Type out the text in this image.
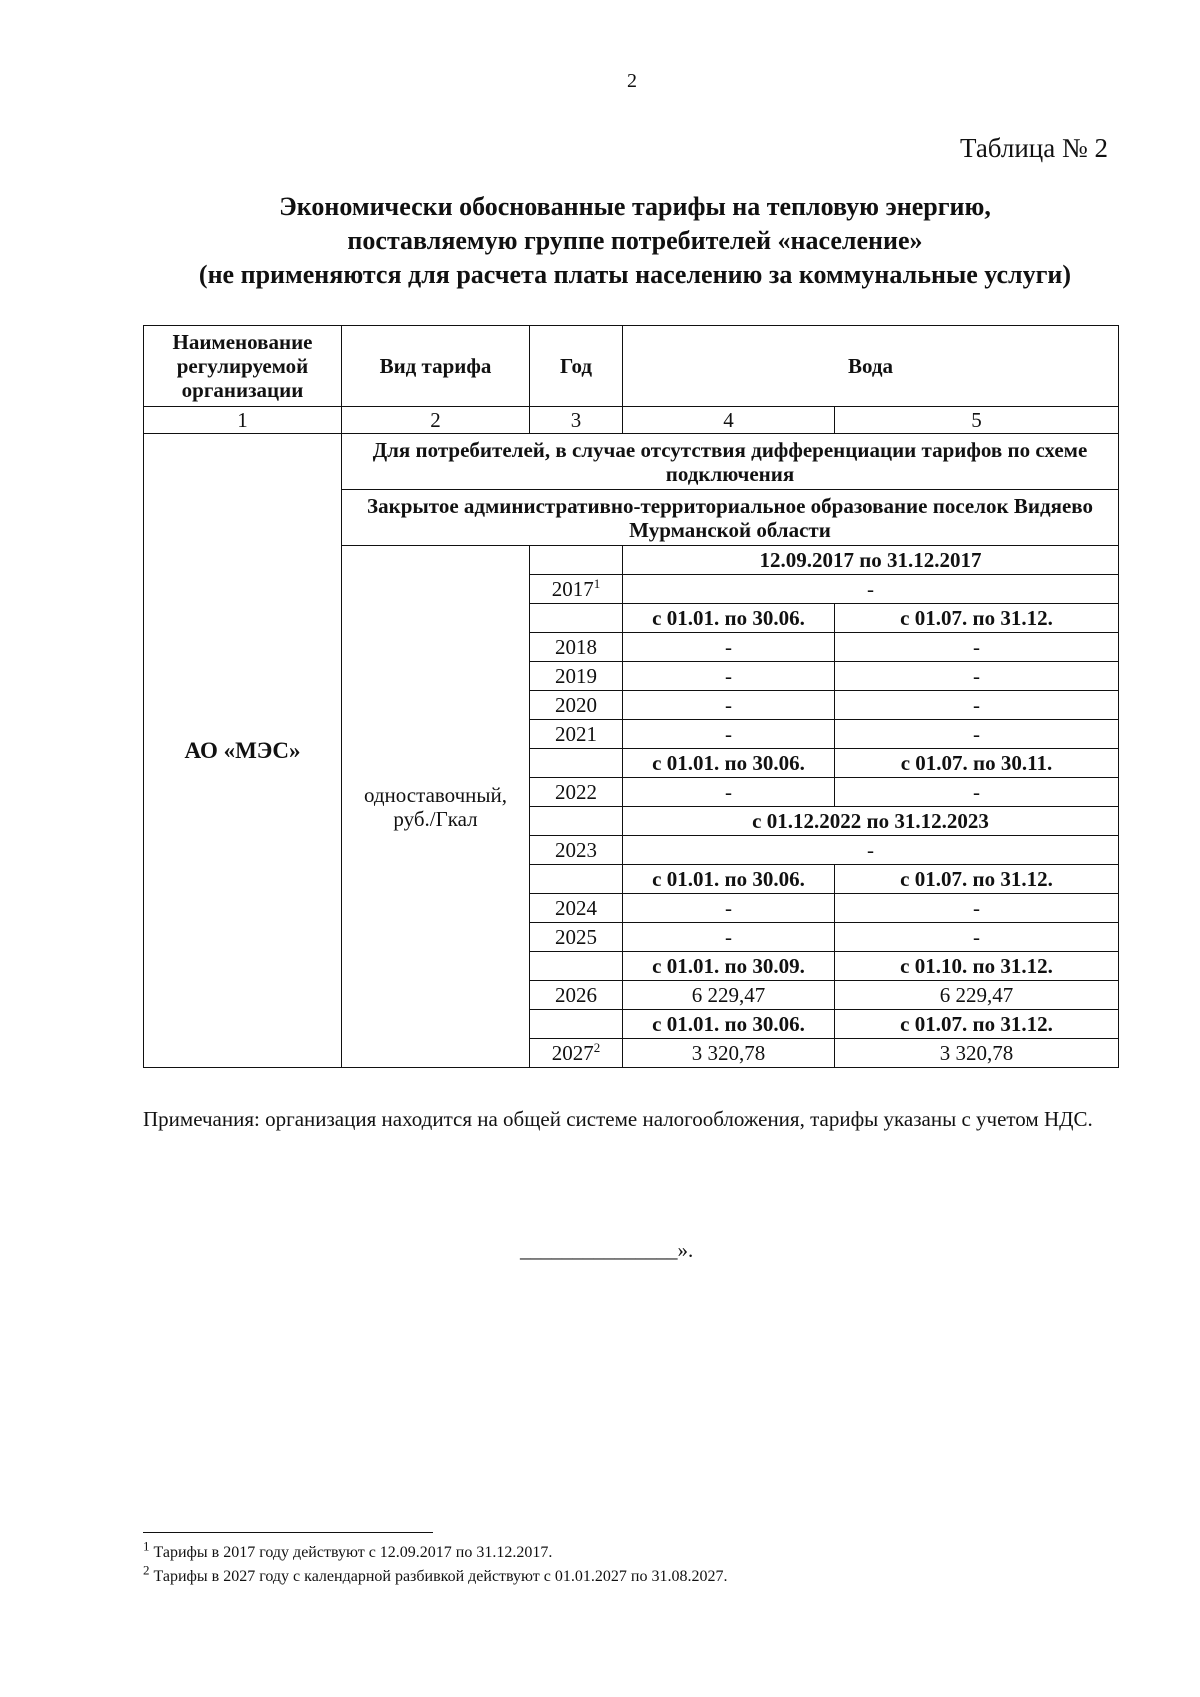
2
Таблица № 2
Экономически обоснованные тарифы на тепловую энергию,
поставляемую группе потребителей «население»
(не применяются для расчета платы населению за коммунальные услуги)
Наименование регулируемой организации	Вид тарифа	Год	Вода	
1	2	3	4	5
АО «МЭС»	Для потребителей, в случае отсутствия дифференциации тарифов по схеме подключения			
	Закрытое административно-территориальное образование поселок Видяево Мурманской области			
	одноставочный, руб./Гкал		12.09.2017 по 31.12.2017	
		2017$^1$	-	
			с 01.01. по 30.06.	с 01.07. по 31.12.
		2018	-	-
		2019	-	-
		2020	-	-
		2021	-	-
			с 01.01. по 30.06.	с 01.07. по 30.11.
		2022	-	-
			с 01.12.2022 по 31.12.2023	
		2023	-	
			с 01.01. по 30.06.	с 01.07. по 31.12.
		2024	-	-
		2025	-	-
			с 01.01. по 30.09.	с 01.10. по 31.12.
		2026	6 229,47	6 229,47
			с 01.01. по 30.06.	с 01.07. по 31.12.
		2027$^2$	3 320,78	3 320,78
Примечания: организация находится на общей системе налогообложения, тарифы указаны с учетом НДС.
_______________».
$^1$ Тарифы в 2017 году действуют с 12.09.2017 по 31.12.2017.
$^2$ Тарифы в 2027 году с календарной разбивкой действуют с 01.01.2027 по 31.08.2027.
